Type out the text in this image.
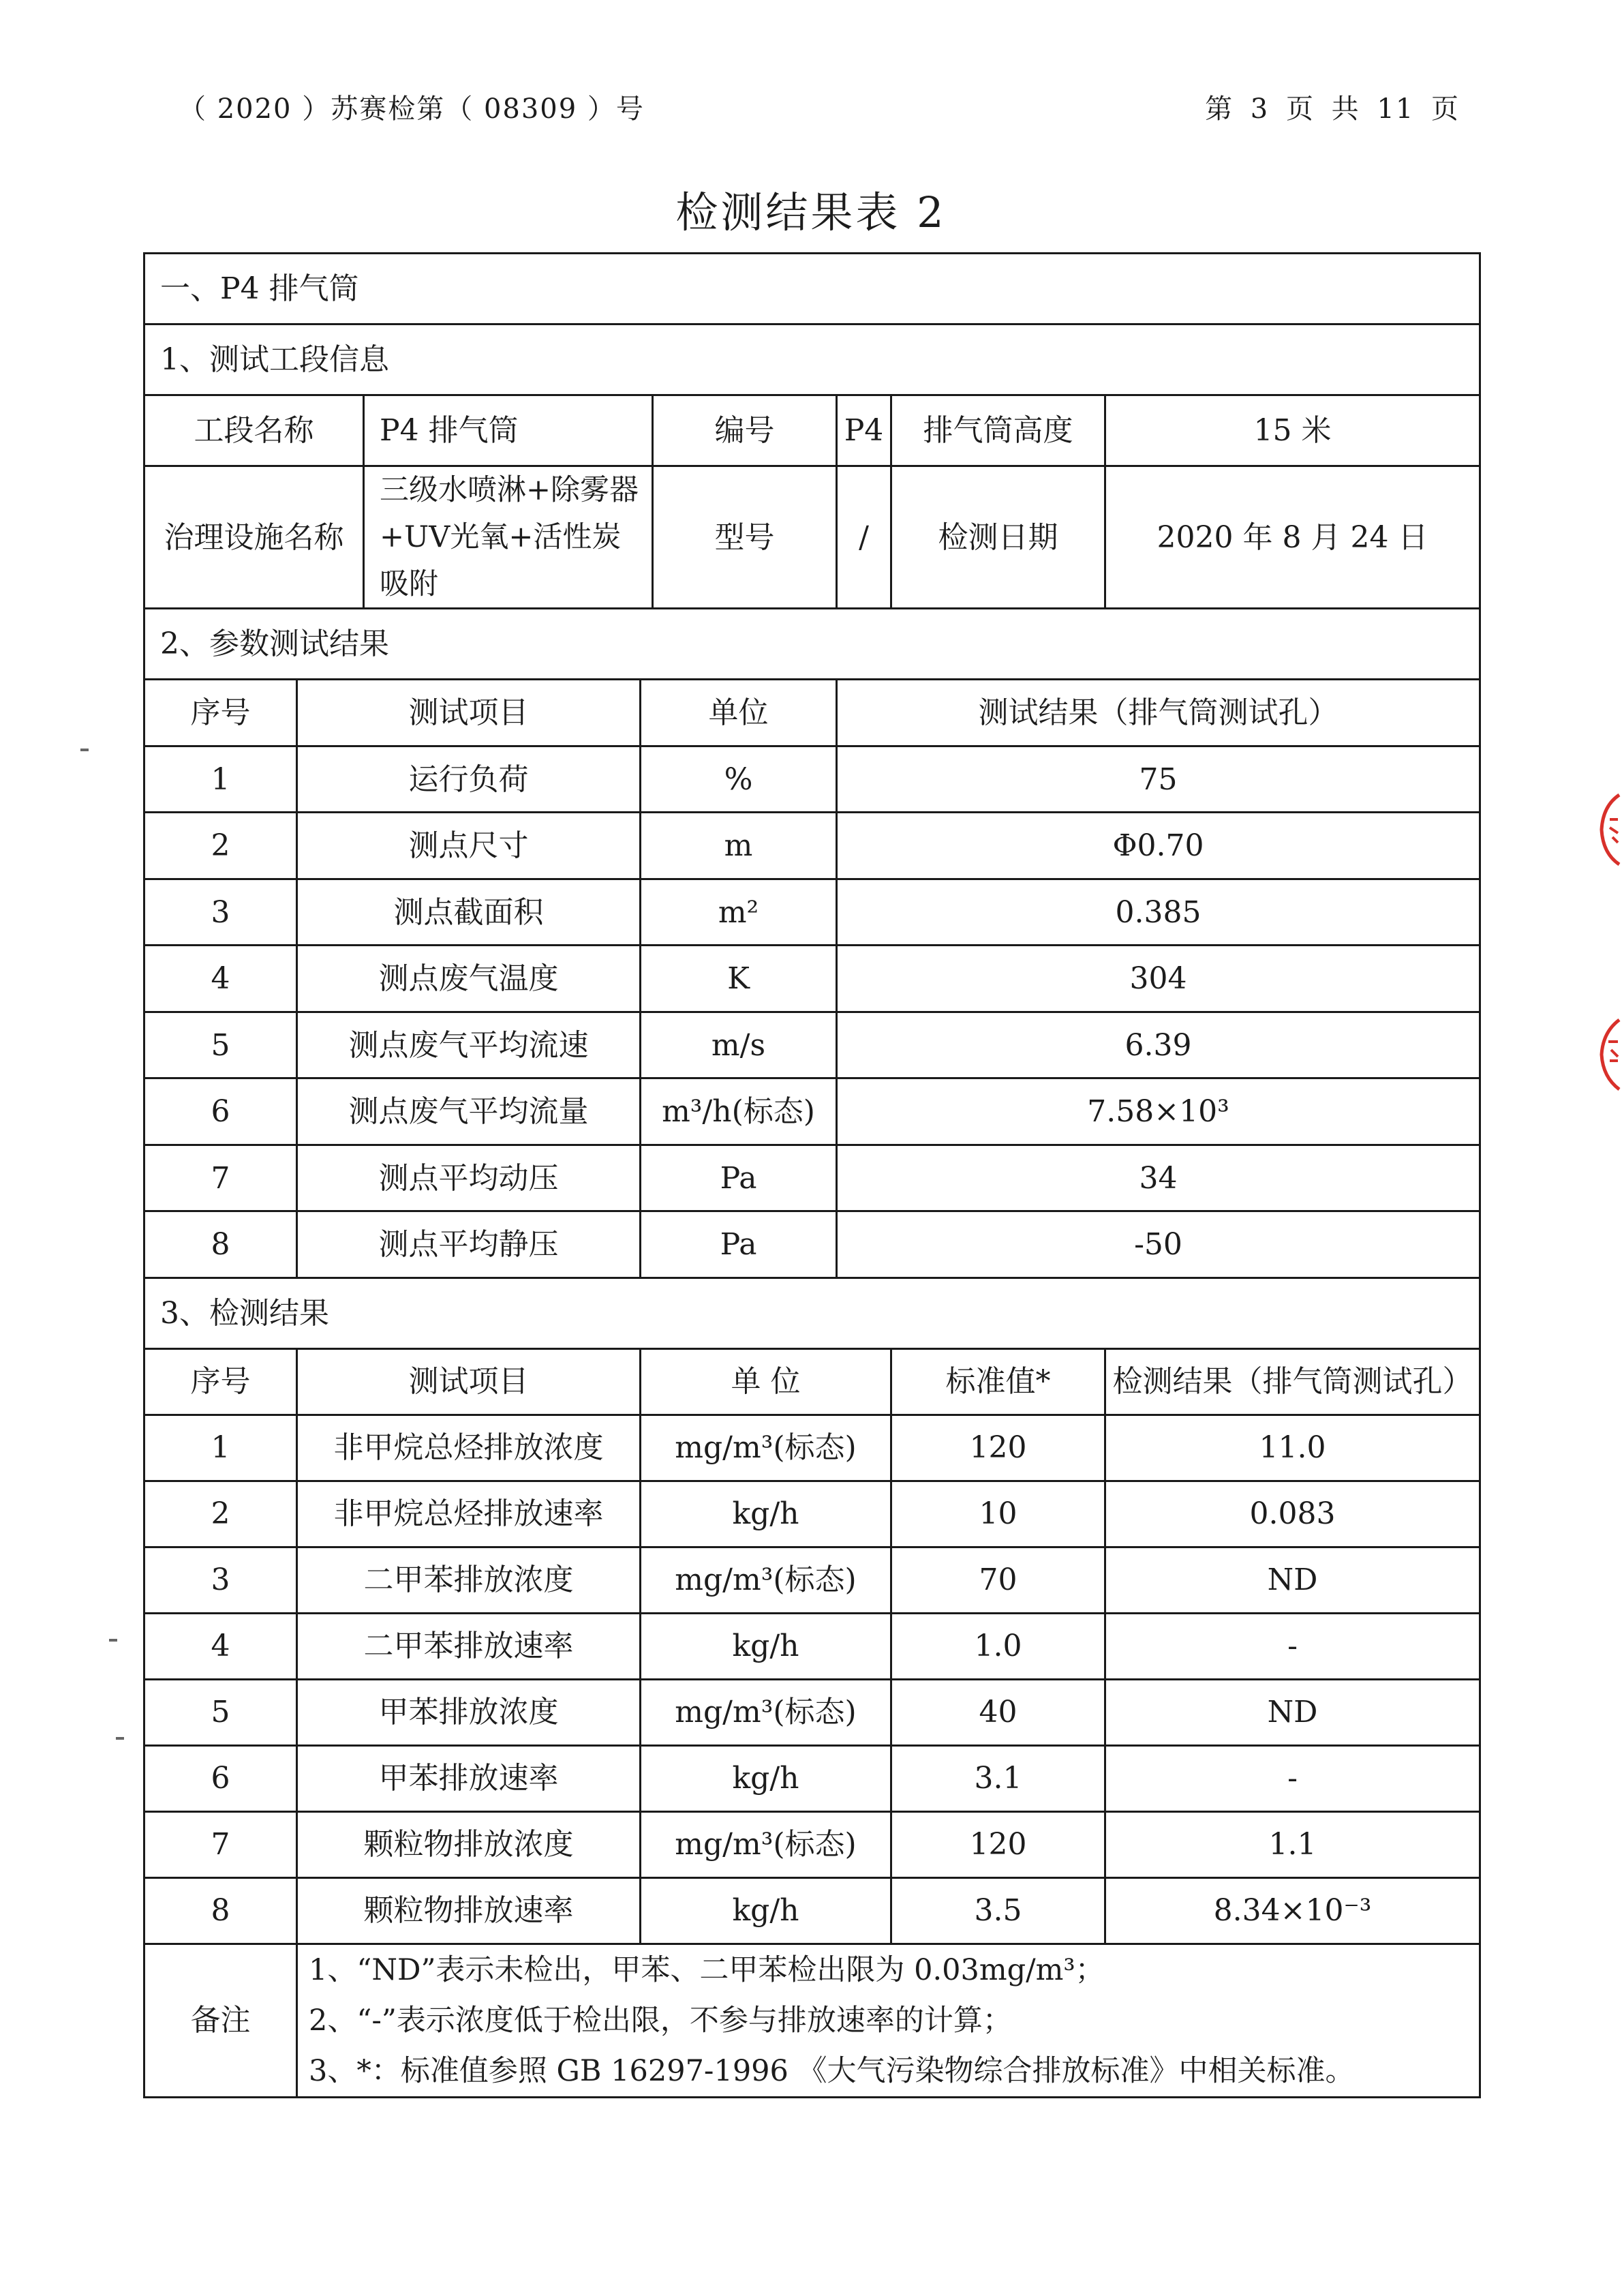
（ 2020 ）苏赛检第（ 08309 ）号	第 3 页 共 11 页
检测结果表 2
一、P4 排气筒							
1、测试工段信息							
工段名称		P4 排气筒		编号	P4	排气筒高度	15 米
治理设施名称		三级水喷淋+除雾器+UV光氧+活性炭吸附		型号	/	检测日期	2020 年 8 月 24 日
2、参数测试结果							
序号	测试项目		单位		测试结果（排气筒测试孔）		
1	运行负荷		%		75		
2	测点尺寸		m		Φ0.70		
3	测点截面积		m²		0.385		
4	测点废气温度		K		304		
5	测点废气平均流速		m/s		6.39		
6	测点废气平均流量		m³/h(标态)		7.58×10³		
7	测点平均动压		Pa		34		
8	测点平均静压		Pa		-50		
3、检测结果							
序号	测试项目		单 位			标准值*	检测结果（排气筒测试孔）
1	非甲烷总烃排放浓度		mg/m³(标态)			120	11.0
2	非甲烷总烃排放速率		kg/h			10	0.083
3	二甲苯排放浓度		mg/m³(标态)			70	ND
4	二甲苯排放速率		kg/h			1.0	-
5	甲苯排放浓度		mg/m³(标态)			40	ND
6	甲苯排放速率		kg/h			3.1	-
7	颗粒物排放浓度		mg/m³(标态)			120	1.1
8	颗粒物排放速率		kg/h			3.5	8.34×10⁻³
备注	1、“ND”表示未检出，甲苯、二甲苯检出限为 0.03mg/m³；
2、“-”表示浓度低于检出限，不参与排放速率的计算；
3、*：标准值参照 GB 16297-1996 《大气污染物综合排放标准》中相关标准。						
